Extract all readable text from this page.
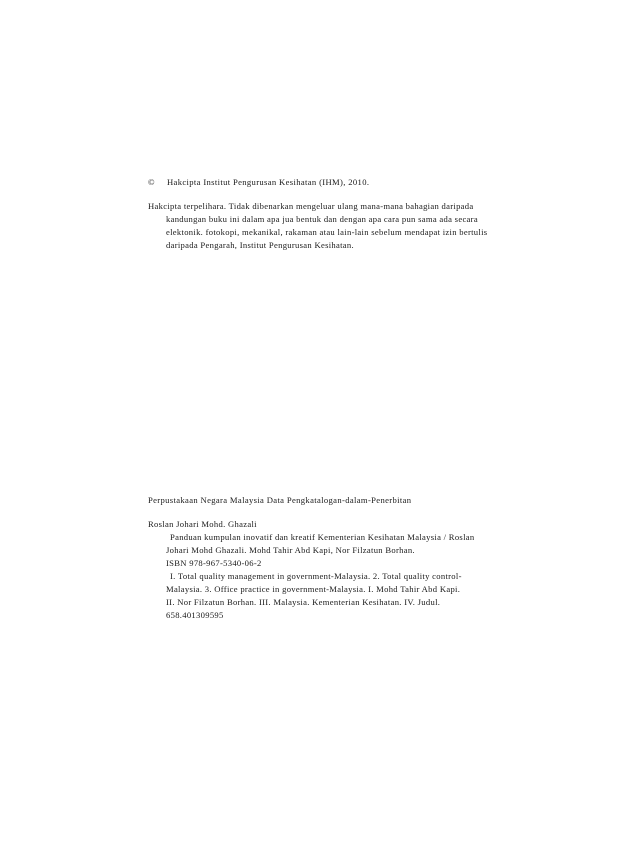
© Hakcipta Institut Pengurusan Kesihatan (IHM), 2010.
Hakcipta terpelihara. Tidak dibenarkan mengeluar ulang mana-mana bahagian daripada
kandungan buku ini dalam apa jua bentuk dan dengan apa cara pun sama ada secara
elektonik. fotokopi, mekanikal, rakaman atau lain-lain sebelum mendapat izin bertulis
daripada Pengarah, Institut Pengurusan Kesihatan.
Perpustakaan Negara Malaysia Data Pengkatalogan-dalam-Penerbitan
Roslan Johari Mohd. Ghazali
Panduan kumpulan inovatif dan kreatif Kementerian Kesihatan Malaysia / Roslan
Johari Mohd Ghazali. Mohd Tahir Abd Kapi, Nor Filzatun Borhan.
ISBN 978-967-5340-06-2
I. Total quality management in government-Malaysia. 2. Total quality control-
Malaysia. 3. Office practice in government-Malaysia. I. Mohd Tahir Abd Kapi.
II. Nor Filzatun Borhan. III. Malaysia. Kementerian Kesihatan. IV. Judul.
658.401309595
